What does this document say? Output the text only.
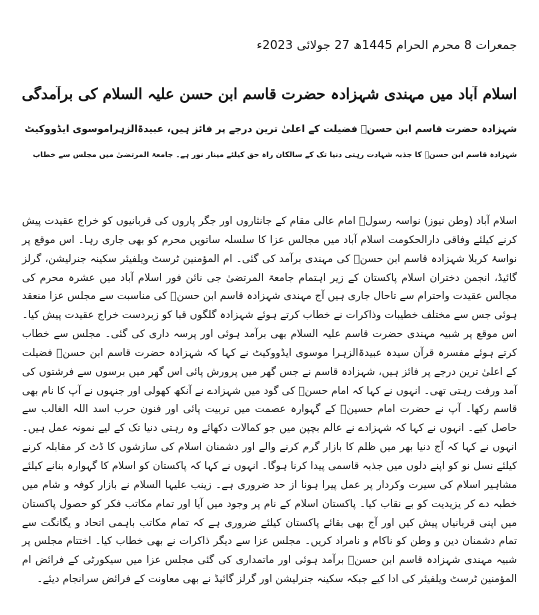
جمعرات 8 محرم الحرام 1445ھ 27 جولائی 2023ء
اسلام آباد میں مہندی شہزادہ حضرت قاسم ابن حسن علیہ السلام کی برآمدگی
شہزادہ حضرت قاسم ابن حسنؑ فضیلت کے اعلیٰ ترین درجے پر فائز ہیں، عبیدۃالزہراموسوی ایڈووکیٹ
شہزادہ قاسم ابن حسنؑ کا جذبہ شہادت رہتی دنیا تک کے سالکان راہ حق کیلئے مینار نور ہے۔ جامعۃ المرتضیٰ میں مجلس سے خطاب

اسلام آباد (وطن نیوز) نواسہ رسولؐ امام عالی مقام کے جانثاروں اور جگر پاروں کی قربانیوں کو خراج عقیدت پیش کرنے کیلئے وفاقی دارالحکومت اسلام آباد میں مجالس عزا کا سلسلہ ساتویں محرم کو بھی جاری رہا۔ اس موقع پر نواسۂ کربلا شہزادہ قاسم ابن حسنؑ کی مہندی برآمد کی گئی۔ ام المؤمنین ٹرسٹ ویلفیئر سکینہ جنرلیشن، گرلز گائیڈ، انجمن دختران اسلام پاکستان کے زیر اہتمام جامعۃ المرتضیٰ جی نائن فور اسلام آباد میں عشرہ محرم کی مجالس عقیدت واحترام سے تاحال جاری ہیں آج مہندی شہزادہ قاسم ابن حسنؑ کی مناسبت سے مجلس عزا منعقد ہوئی جس سے مختلف خطیبات وذاکرات نے خطاب کرتے ہوئے شہزادہ گلگوں قبا کو زبردست خراج عقیدت پیش کیا۔ اس موقع پر شبیہ مہندی حضرت قاسم علیہ السلام بھی برآمد ہوئی اور پرسہ داری کی گئی۔ مجلس سے خطاب کرتے ہوئے مفسرہ قرآن سیدہ عبیدۃالزہرا موسوی ایڈووکیٹ نے کہا کہ شہزادہ حضرت قاسم ابن حسنؑ فضیلت کے اعلیٰ ترین درجے پر فائز ہیں، شہزادہ قاسم نے جس گھر میں پرورش پائی اس گھر میں برسوں سے فرشتوں کی آمد ورفت رہتی تھی۔ انہوں نے کہا کہ امام حسنؑ کی گود میں شہزادے نے آنکھ کھولی اور جنہوں نے آپ کا نام بھی قاسم رکھا۔ آپ نے حضرت امام حسینؑ کے گہوارہ عصمت میں تربیت پائی اور فنون حرب اسد اللہ الغالب سے حاصل کیے۔ انہوں نے کہا کہ شہزادے نے عالم بچپن میں جو کمالات دکھائے وہ رہتی دنیا تک کے لیے نمونہ عمل ہیں۔ انہوں نے کہا کہ آج دنیا بھر میں ظلم کا بازار گرم کرنے والے اور دشمنان اسلام کی سازشوں کا ڈٹ کر مقابلہ کرنے کیلئے نسل نو کو اپنے دلوں میں جذبہ قاسمی پیدا کرنا ہوگا۔ انہوں نے کہا کہ پاکستان کو اسلام کا گہوارہ بنانے کیلئے مشاہیر اسلام کی سیرت وکردار پر عمل پیرا ہونا از حد ضروری ہے۔ زینب علیہا السلام نے بازار کوفہ و شام میں خطبہ دے کر یزیدیت کو بے نقاب کیا۔ پاکستان اسلام کے نام پر وجود میں آیا اور تمام مکاتب فکر کو حصول پاکستان میں اپنی قربانیاں پیش کیں اور آج بھی بقائے پاکستان کیلئے ضروری ہے کہ تمام مکاتب باہمی اتحاد و یگانگت سے تمام دشمنان دین و وطن کو ناکام و نامراد کریں۔ مجلس عزا سے دیگر ذاکرات نے بھی خطاب کیا۔ اختتام مجلس پر شبیہ مہندی شہزادہ قاسم ابن حسنؑ برآمد ہوئی اور ماتمداری کی گئی مجلس عزا میں سیکورٹی کے فرائض ام المؤمنین ٹرسٹ ویلفیئر کی ادا کیے جبکہ سکینہ جنرلیشن اور گرلز گائیڈ نے بھی معاونت کے فرائض سرانجام دیئے۔
